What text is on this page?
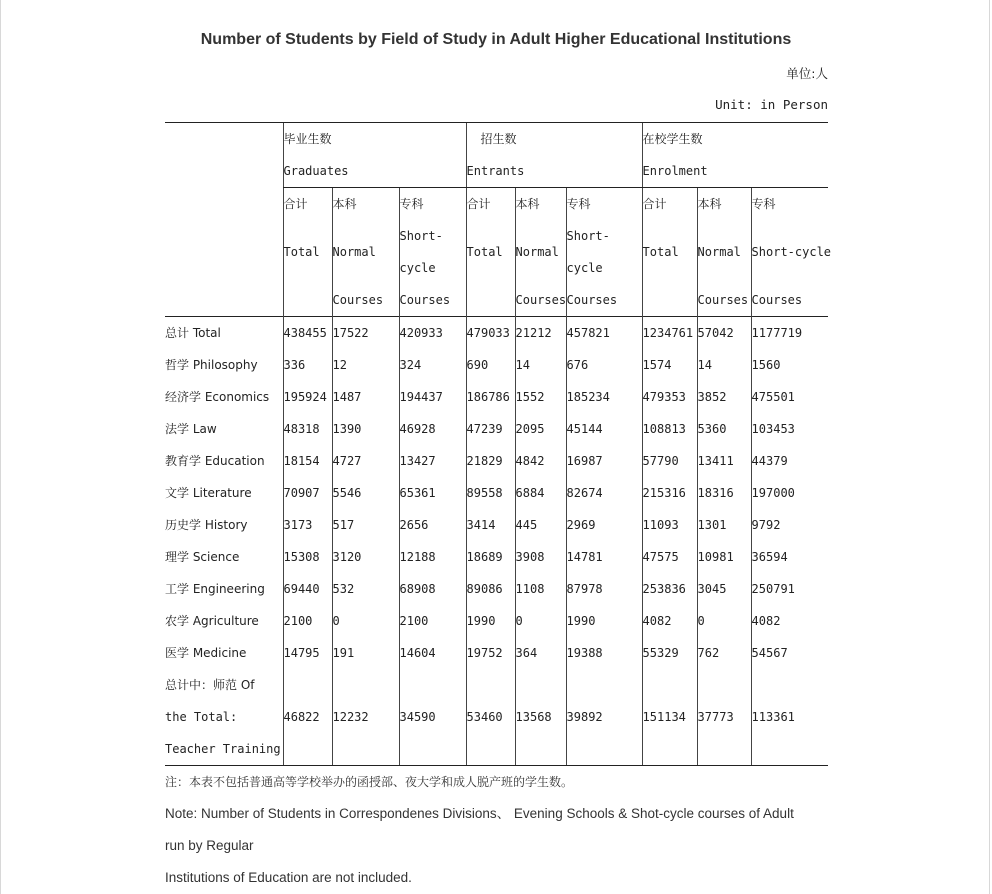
Number of Students by Field of Study in Adult Higher Educational Institutions
单位:人
Unit: in Person
	毕业生数			招生数			在校学生数		
	Graduates			Entrants			Enrolment		
	合计	本科	专科	合计	本科	专科	合计	本科	专科
	Total	Normal	Short-	Total	Normal	Short-	Total	Normal	Short-cycle
			cycle			cycle			
		Courses	Courses		Courses	Courses		Courses	Courses
总计 Total	438455	17522	420933	479033	21212	457821	1234761	57042	1177719
哲学 Philosophy	336	12	324	690	14	676	1574	14	1560
经济学 Economics	195924	1487	194437	186786	1552	185234	479353	3852	475501
法学 Law	48318	1390	46928	47239	2095	45144	108813	5360	103453
教育学 Education	18154	4727	13427	21829	4842	16987	57790	13411	44379
文学 Literature	70907	5546	65361	89558	6884	82674	215316	18316	197000
历史学 History	3173	517	2656	3414	445	2969	11093	1301	9792
理学 Science	15308	3120	12188	18689	3908	14781	47575	10981	36594
工学 Engineering	69440	532	68908	89086	1108	87978	253836	3045	250791
农学 Agriculture	2100	0	2100	1990	0	1990	4082	0	4082
医学 Medicine	14795	191	14604	19752	364	19388	55329	762	54567

总计中：师范 Of
the Total:
Teacher Training	46822	12232	34590	53460	13568	39892	151134	37773	113361
注：本表不包括普通高等学校举办的函授部、夜大学和成人脱产班的学生数。
Note: Number of Students in Correspondenes Divisions、 Evening Schools & Shot-cycle courses of Adult
run by Regular
Institutions of Education are not included.
